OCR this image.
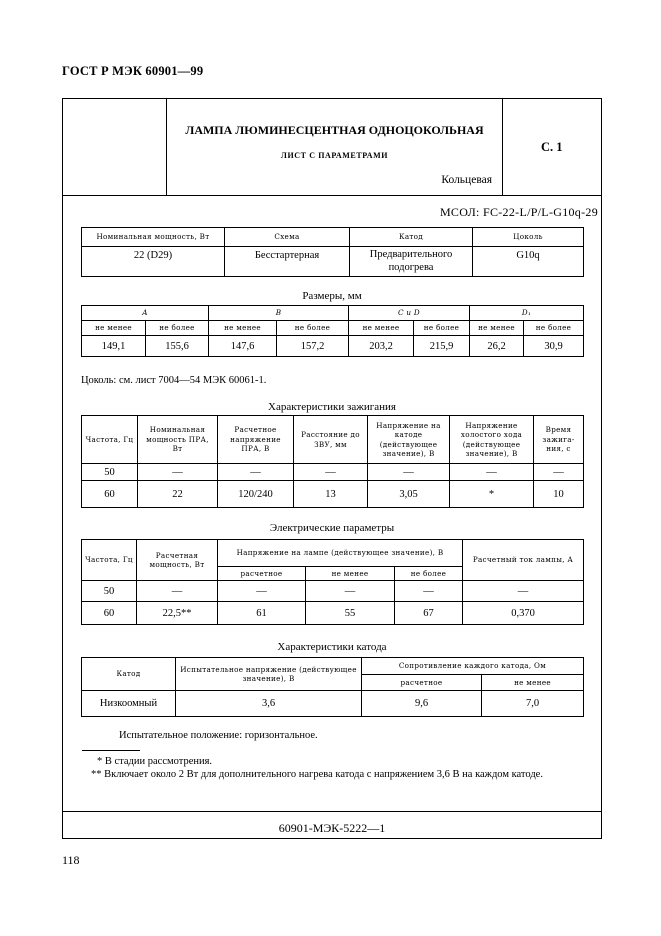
ГОСТ Р МЭК 60901—99
ЛАМПА ЛЮМИНЕСЦЕНТНАЯ ОДНОЦОКОЛЬНАЯ
ЛИСТ С ПАРАМЕТРАМИ
Кольцевая
С. 1
60901-МЭК-5222—1
МСОЛ: FC-22-L/P/L-G10q-29
Номинальная мощность, Вт	Схема	Катод	Цоколь
22 (D29)	Бесстартерная	Предварительного подогрева	G10q
Размеры, мм
A		B		C и D		D₁	
не менее	не более	не менее	не более	не менее	не более	не менее	не более
149,1	155,6	147,6	157,2	203,2	215,9	26,2	30,9
Цоколь: см. лист 7004—54 МЭК 60061-1.
Характеристики зажигания
Частота, Гц	Номинальная мощность ПРА, Вт	Расчетное напряжение ПРА, В	Расстояние до ЗВУ, мм	Напряжение на катоде (действующее значение), В	Напряжение холостого хода (действующее значение), В	Время зажига-ния, с
50	—	—	—	—	—	—
60	22	120/240	13	3,05	*	10
Электрические параметры
Частота, Гц	Расчетная мощность, Вт	Напряжение на лампе (действующее значение), В			Расчетный ток лампы, А
		расчетное	не менее	не более	
50	—	—	—	—	—
60	22,5**	61	55	67	0,370
Характеристики катода
Катод	Испытательное напряжение (действующее значение), В	Сопротивление каждого катода, Ом	
		расчетное	не менее
Низкоомный	3,6	9,6	7,0
Испытательное положение: горизонтальное.
* В стадии рассмотрения.
** Включает около 2 Вт для дополнительного нагрева катода с напряжением 3,6 В на каждом катоде.
118
